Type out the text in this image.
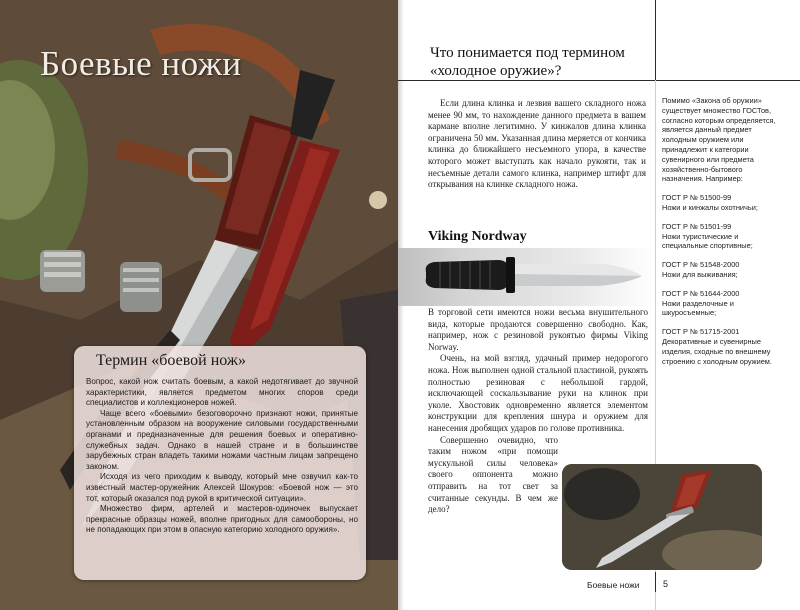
Боевые ножи
Термин «боевой нож»

Вопрос, какой нож считать боевым, а какой недотягивает до звучной характеристики, является предметом многих споров среди специалистов и коллекционеров ножей.

Чаще всего «боевыми» безоговорочно признают ножи, принятые установленным образом на вооружение силовыми государственными органами и предназначенные для решения боевых и оперативно-служебных задач. Однако в нашей стране и в большинстве зарубежных стран владеть такими ножами частным лицам запрещено законом.

Исходя из чего приходим к выводу, который мне озвучил как-то известный мастер-оружейник Алексей Шокуров: «Боевой нож — это тот, который оказался под рукой в критической ситуации».

Множество фирм, артелей и мастеров-одиночек выпускает прекрасные образцы ножей, вполне пригодных для самообороны, но не попадающих при этом в опасную категорию холодного оружия».

Что понимается под термином «холодное оружие»?

Если длина клинка и лезвия вашего складного ножа менее 90 мм, то нахождение данного предмета в вашем кармане вполне легитимно. У кинжалов длина клинка ограничена 50 мм. Указанная длина меряется от кончика клинка до ближайшего несъемного упора, в качестве которого может выступать как начало рукояти, так и несъемные детали самого клинка, например штифт для открывания на клинке складного ножа.

Viking Nordway

В торговой сети имеются ножи весьма внушительного вида, которые продаются совершенно свободно. Как, например, нож с резиновой рукоятью фирмы Viking Norway.

Очень, на мой взгляд, удачный пример недорогого ножа. Нож выполнен одной стальной пластиной, рукоять полностью резиновая с небольшой гардой, исключающей соскальзывание руки на клинок при уколе. Хвостовик одновременно является элементом конструкции для крепления шнура и оружием для нанесения дробящих ударов по голове противника.

Совершенно очевидно, что таким ножом «при помощи мускульной силы человека» своего оппонента можно отправить на тот свет за считанные секунды. В чем же дело?

Помимо «Закона об оружии» существует множество ГОСТов, согласно которым определяется, является данный предмет холодным оружием или принадлежит к категории сувенирного или предмета хозяйственно-бытового назначения. Например:

ГОСТ Р № 51500-99
Ножи и кинжалы охотничьи;

ГОСТ Р № 51501-99
Ножи туристические и специальные спортивные;

ГОСТ Р № 51548-2000
Ножи для выживания;

ГОСТ Р № 51644-2000
Ножи разделочные и шкуросъемные;

ГОСТ Р № 51715-2001
Декоративные и сувенирные изделия, сходные по внешнему строению с холодным оружием.

Боевые ножи	5
